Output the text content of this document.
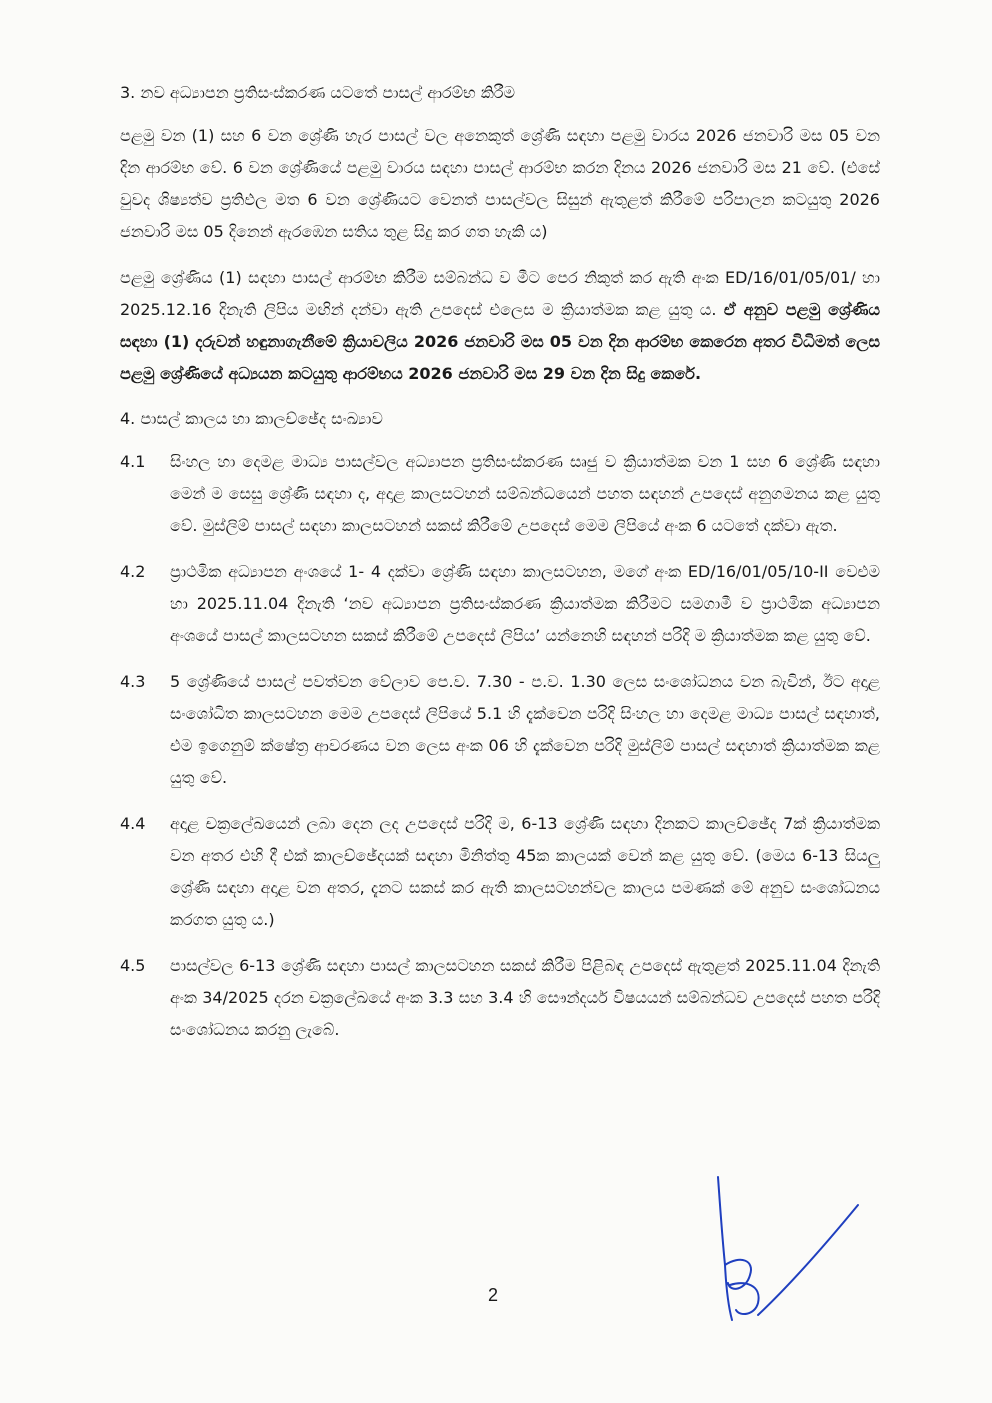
3. නව අධ්‍යාපන ප්‍රතිසංස්කරණ යටතේ පාසල් ආරම්භ කිරීම

පළමු වන (1) සහ 6 වන ශ්‍රේණි හැර පාසල් වල අනෙකුත් ශ්‍රේණි සඳහා පළමු වාරය 2026 ජනවාරි මස 05 වන දින ආරම්භ වේ. 6 වන ශ්‍රේණියේ පළමු වාරය සඳහා පාසල් ආරම්භ කරන දිනය 2026 ජනවාරි මස 21 වේ. (එසේ වුවද ශිෂ්‍යත්ව ප්‍රතිඵල මත 6 වන ශ්‍රේණියට වෙනත් පාසල්වල සිසුන් ඇතුළත් කිරීමේ පරිපාලන කටයුතු 2026 ජනවාරි මස 05 දිනෙන් ඇරඹෙන සතිය තුළ සිදු කර ගත හැකි ය)

පළමු ශ්‍රේණිය (1) සඳහා පාසල් ආරම්භ කිරීම සම්බන්ධ ව මීට පෙර නිකුත් කර ඇති අංක ED/16/01/05/01/ හා 2025.12.16 දිනැති ලිපිය මඟින් දන්වා ඇති උපදෙස් එලෙස ම ක්‍රියාත්මක කළ යුතු ය. ඒ අනුව පළමු ශ්‍රේණිය සඳහා (1) දරුවන් හඳුනාගැනීමේ ක්‍රියාවලිය 2026 ජනවාරි මස 05 වන දින ආරම්භ කෙරෙන අතර විධිමත් ලෙස පළමු ශ්‍රේණියේ අධ්‍යයන කටයුතු ආරම්භය 2026 ජනවාරි මස 29 වන දින සිදු කෙරේ.

4. පාසල් කාලය හා කාලච්ඡේද සංඛ්‍යාව
4.1	සිංහල හා දෙමළ මාධ්‍ය පාසල්වල අධ්‍යාපන ප්‍රතිසංස්කරණ සෘජු ව ක්‍රියාත්මක වන 1 සහ 6 ශ්‍රේණි සඳහා මෙන් ම සෙසු ශ්‍රේණි සඳහා ද, අදාළ කාලසටහන් සම්බන්ධයෙන් පහත සඳහන් උපදෙස් අනුගමනය කළ යුතු වේ. මුස්ලිම් පාසල් සඳහා කාලසටහන් සකස් කිරීමේ උපදෙස් මෙම ලිපියේ අංක 6 යටතේ දක්වා ඇත.
4.2	ප්‍රාථමික අධ්‍යාපන අංශයේ 1- 4 දක්වා ශ්‍රේණි සඳහා කාලසටහන, මගේ අංක ED/16/01/05/10-II වෙළුම හා 2025.11.04 දිනැති ‘නව අධ්‍යාපන ප්‍රතිසංස්කරණ ක්‍රියාත්මක කිරීමට සමගාමී ව ප්‍රාථමික අධ්‍යාපන අංශයේ පාසල් කාලසටහන සකස් කිරීමේ උපදෙස් ලිපිය’ යන්නෙහි සඳහන් පරිදි ම ක්‍රියාත්මක කළ යුතු වේ.
4.3	5 ශ්‍රේණියේ පාසල් පවත්වන වේලාව පෙ.ව. 7.30 - ප.ව. 1.30 ලෙස සංශෝධනය වන බැවින්, ඊට අදාළ සංශෝධිත කාලසටහන මෙම උපදෙස් ලිපියේ 5.1 හි දැක්වෙන පරිදි සිංහල හා දෙමළ මාධ්‍ය පාසල් සඳහාත්, එම ඉගෙනුම් ක්ෂේත්‍ර ආවරණය වන ලෙස අංක 06 හි දැක්වෙන පරිදි මුස්ලිම් පාසල් සඳහාත් ක්‍රියාත්මක කළ යුතු වේ.
4.4	අදාළ චක්‍රලේඛයෙන් ලබා දෙන ලද උපදෙස් පරිදි ම, 6-13 ශ්‍රේණි සඳහා දිනකට කාලච්ඡේද 7ක් ක්‍රියාත්මක වන අතර එහි දී එක් කාලච්ඡේදයක් සඳහා මිනිත්තු 45ක කාලයක් වෙන් කළ යුතු වේ. (මෙය 6-13 සියලු ශ්‍රේණි සඳහා අදාළ වන අතර, දැනට සකස් කර ඇති කාලසටහන්වල කාලය පමණක් මේ අනුව සංශෝධනය කරගත යුතු ය.)
4.5	පාසල්වල 6-13 ශ්‍රේණි සඳහා පාසල් කාලසටහන සකස් කිරීම පිළිබඳ උපදෙස් ඇතුළත් 2025.11.04 දිනැති අංක 34/2025 දරන චක්‍රලේඛයේ අංක 3.3 සහ 3.4 හි සෞන්දර්ය විෂයයන් සම්බන්ධව උපදෙස් පහත පරිදි සංශෝධනය කරනු ලැබේ.
2
